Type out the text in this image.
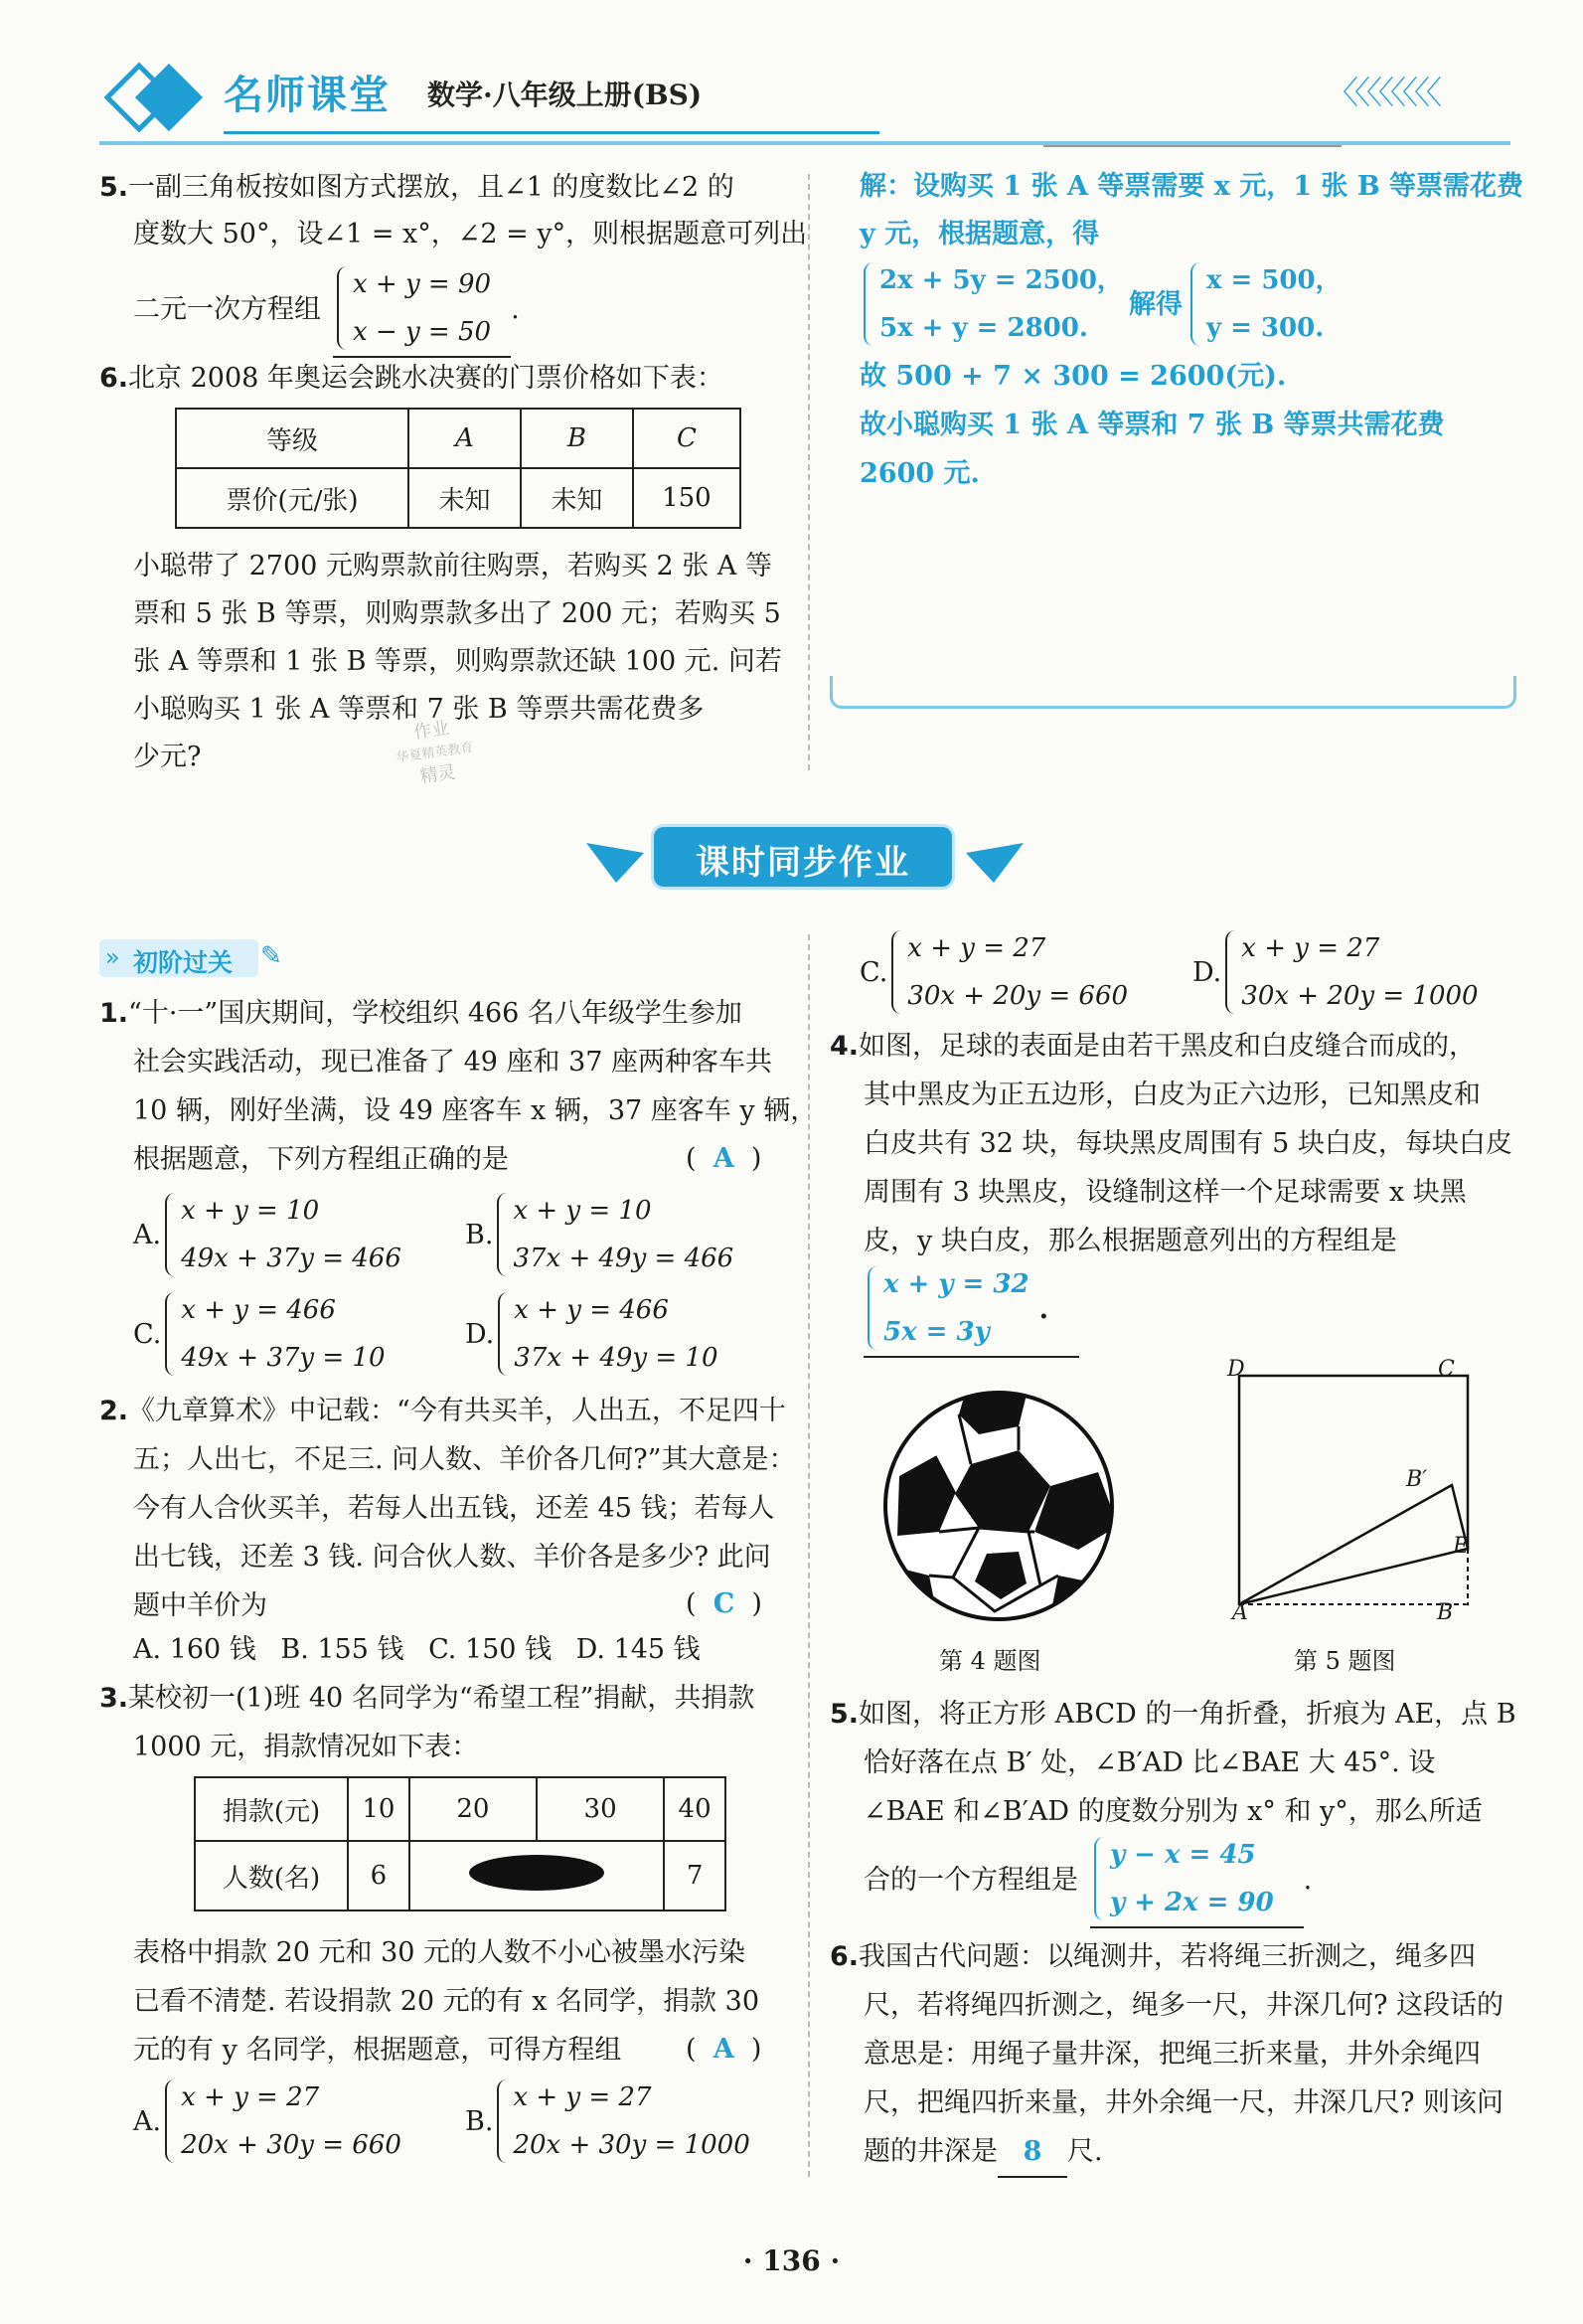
名师课堂 数学·八年级上册(BS)	〈〈〈〈〈〈〈〈
5.一副三角板按如图方式摆放，且∠1 的度数比∠2 的
度数大 50°，设∠1 = x°，∠2 = y°，则根据题意可列出
二元一次方程组
x + y = 90
x − y = 50
.
6.北京 2008 年奥运会跳水决赛的门票价格如下表：
等级	A	B	C
票价(元/张)	未知	未知	150
小聪带了 2700 元购票款前往购票，若购买 2 张 A 等
票和 5 张 B 等票，则购票款多出了 200 元；若购买 5
张 A 等票和 1 张 B 等票，则购票款还缺 100 元. 问若
小聪购买 1 张 A 等票和 7 张 B 等票共需花费多
少元?
作业
华夏精英教育
精灵
解：设购买 1 张 A 等票需要 x 元，1 张 B 等票需花费
y 元，根据题意，得
2x + 5y = 2500，
5x + y = 2800.
解得
x = 500，
y = 300.
故 500 + 7 × 300 = 2600(元).
故小聪购买 1 张 A 等票和 7 张 B 等票共需花费
2600 元.
课时同步作业
» 初阶过关 ✎
1.“十·一”国庆期间，学校组织 466 名八年级学生参加
社会实践活动，现已准备了 49 座和 37 座两种客车共
10 辆，刚好坐满，设 49 座客车 x 辆，37 座客车 y 辆，
根据题意，下列方程组正确的是	(  A  )
A.
x + y = 10
49x + 37y = 466
B.
x + y = 10
37x + 49y = 466
C.
x + y = 466
49x + 37y = 10
D.
x + y = 466
37x + 49y = 10
2.《九章算术》中记载：“今有共买羊，人出五，不足四十
五；人出七，不足三. 问人数、羊价各几何?”其大意是：
今有人合伙买羊，若每人出五钱，还差 45 钱；若每人
出七钱，还差 3 钱. 问合伙人数、羊价各是多少? 此问
题中羊价为	(  C  )
A. 160 钱 B. 155 钱 C. 150 钱 D. 145 钱
3.某校初一(1)班 40 名同学为“希望工程”捐献，共捐款
1000 元，捐款情况如下表：
捐款(元)	10	20	30	40
人数(名)	6			7
表格中捐款 20 元和 30 元的人数不小心被墨水污染
已看不清楚. 若设捐款 20 元的有 x 名同学，捐款 30
元的有 y 名同学，根据题意，可得方程组	(  A  )
A.
x + y = 27
20x + 30y = 660
B.
x + y = 27
20x + 30y = 1000
C.
x + y = 27
30x + 20y = 660
D.
x + y = 27
30x + 20y = 1000
4.如图，足球的表面是由若干黑皮和白皮缝合而成的，
其中黑皮为正五边形，白皮为正六边形，已知黑皮和
白皮共有 32 块，每块黑皮周围有 5 块白皮，每块白皮
周围有 3 块黑皮，设缝制这样一个足球需要 x 块黑
皮，y 块白皮，那么根据题意列出的方程组是
x + y = 32
5x = 3y
.
第 4 题图
D	C
B′
E
A	B
第 5 题图
5.如图，将正方形 ABCD 的一角折叠，折痕为 AE，点 B
恰好落在点 B′ 处，∠B′AD 比∠BAE 大 45°. 设
∠BAE 和∠B′AD 的度数分别为 x° 和 y°，那么所适
合的一个方程组是
y − x = 45
y + 2x = 90
.
6.我国古代问题：以绳测井，若将绳三折测之，绳多四
尺，若将绳四折测之，绳多一尺，井深几何? 这段话的
意思是：用绳子量井深，把绳三折来量，井外余绳四
尺，把绳四折来量，井外余绳一尺，井深几尺? 则该问
题的井深是 8 尺.
· 136 ·
